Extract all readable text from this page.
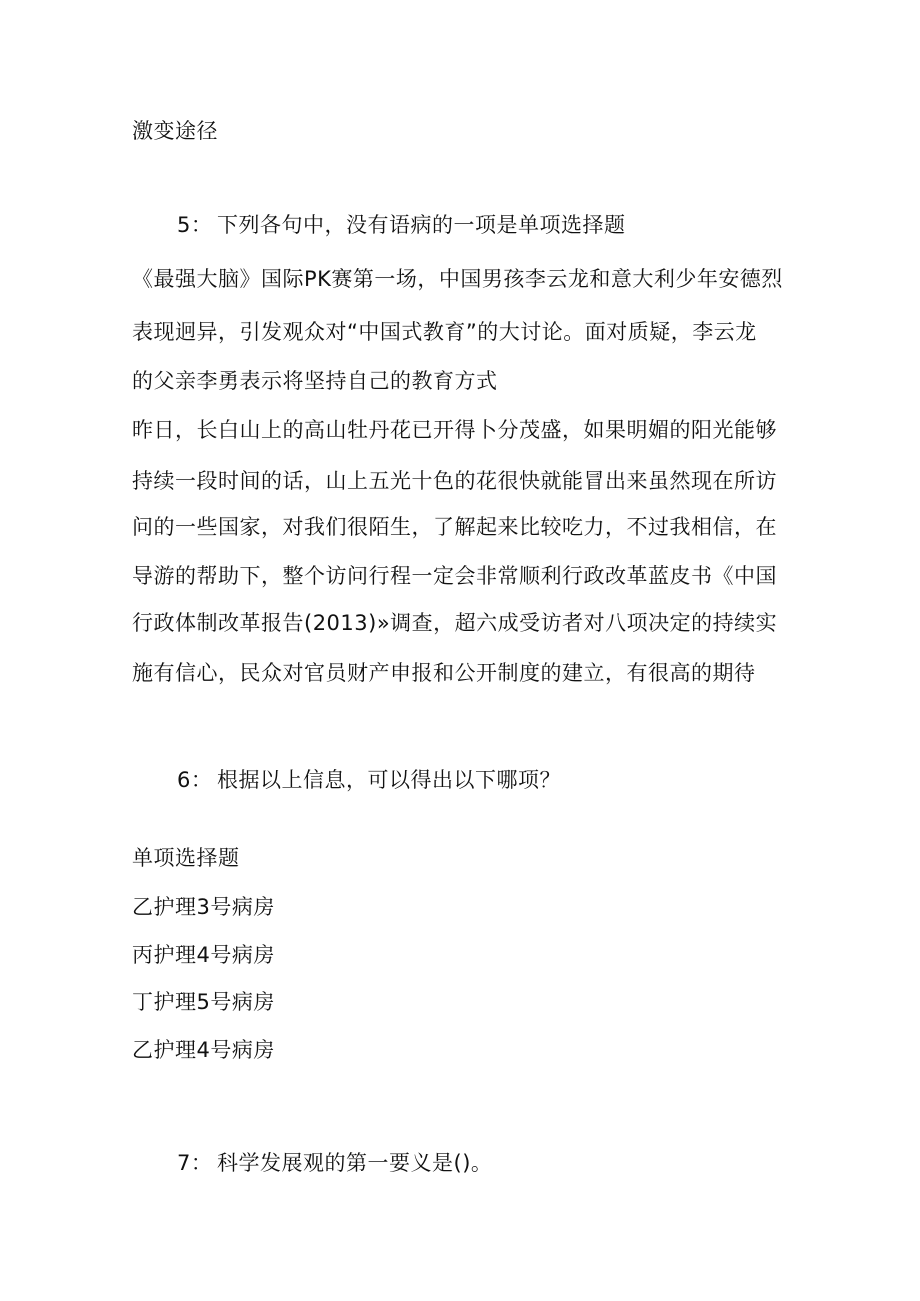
激变途径
5： 下列各句中，没有语病的一项是单项选择题
《最强大脑》国际PK赛第一场，中国男孩李云龙和意大利少年安德烈
表现迥异，引发观众对“中国式教育”的大讨论。面对质疑，李云龙
的父亲李勇表示将坚持自己的教育方式
昨日，长白山上的高山牡丹花已开得卜分茂盛，如果明媚的阳光能够
持续一段时间的话，山上五光十色的花很快就能冒出来虽然现在所访
问的一些国家，对我们很陌生，了解起来比较吃力，不过我相信，在
导游的帮助下，整个访问行程一定会非常顺利行政改革蓝皮书《中国
行政体制改革报告(2013)»调查，超六成受访者对八项决定的持续实
施有信心，民众对官员财产申报和公开制度的建立，有很高的期待
6： 根据以上信息，可以得出以下哪项？
单项选择题
乙护理3号病房
丙护理4号病房
丁护理5号病房
乙护理4号病房
7： 科学发展观的第一要义是()。
